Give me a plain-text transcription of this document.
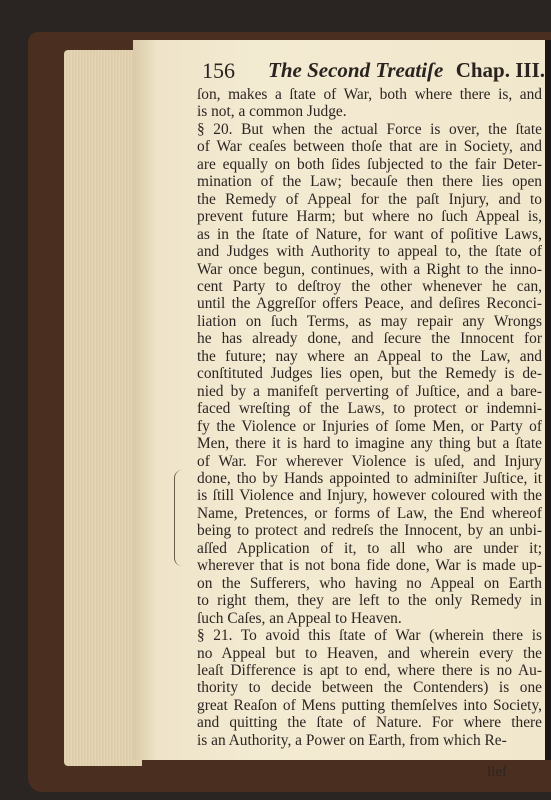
156 The Second Treatiſe Chap. III.
ſon, makes a ſtate of War, both where there is, and
is not, a common Judge.
§ 20. But when the actual Force is over, the ſtate
of War ceaſes between thoſe that are in Society, and
are equally on both ſides ſubjected to the fair Deter-
mination of the Law; becauſe then there lies open
the Remedy of Appeal for the paſt Injury, and to
prevent future Harm; but where no ſuch Appeal is,
as in the ſtate of Nature, for want of poſitive Laws,
and Judges with Authority to appeal to, the ſtate of
War once begun, continues, with a Right to the inno-
cent Party to deſtroy the other whenever he can,
until the Aggreſſor offers Peace, and deſires Reconci-
liation on ſuch Terms, as may repair any Wrongs
he has already done, and ſecure the Innocent for
the future; nay where an Appeal to the Law, and
conſtituted Judges lies open, but the Remedy is de-
nied by a manifeſt perverting of Juſtice, and a bare-
faced wreſting of the Laws, to protect or indemni-
fy the Violence or Injuries of ſome Men, or Party of
Men, there it is hard to imagine any thing but a ſtate
of War. For wherever Violence is uſed, and Injury
done, tho by Hands appointed to adminiſter Juſtice, it
is ſtill Violence and Injury, however coloured with the
Name, Pretences, or forms of Law, the End whereof
being to protect and redreſs the Innocent, by an unbi-
aſſed Application of it, to all who are under it;
wherever that is not bona fide done, War is made up-
on the Sufferers, who having no Appeal on Earth
to right them, they are left to the only Remedy in
ſuch Caſes, an Appeal to Heaven.
§ 21. To avoid this ſtate of War (wherein there is
no Appeal but to Heaven, and wherein every the
leaſt Difference is apt to end, where there is no Au-
thority to decide between the Contenders) is one
great Reaſon of Mens putting themſelves into Society,
and quitting the ſtate of Nature. For where there
is an Authority, a Power on Earth, from which Re-
lief
